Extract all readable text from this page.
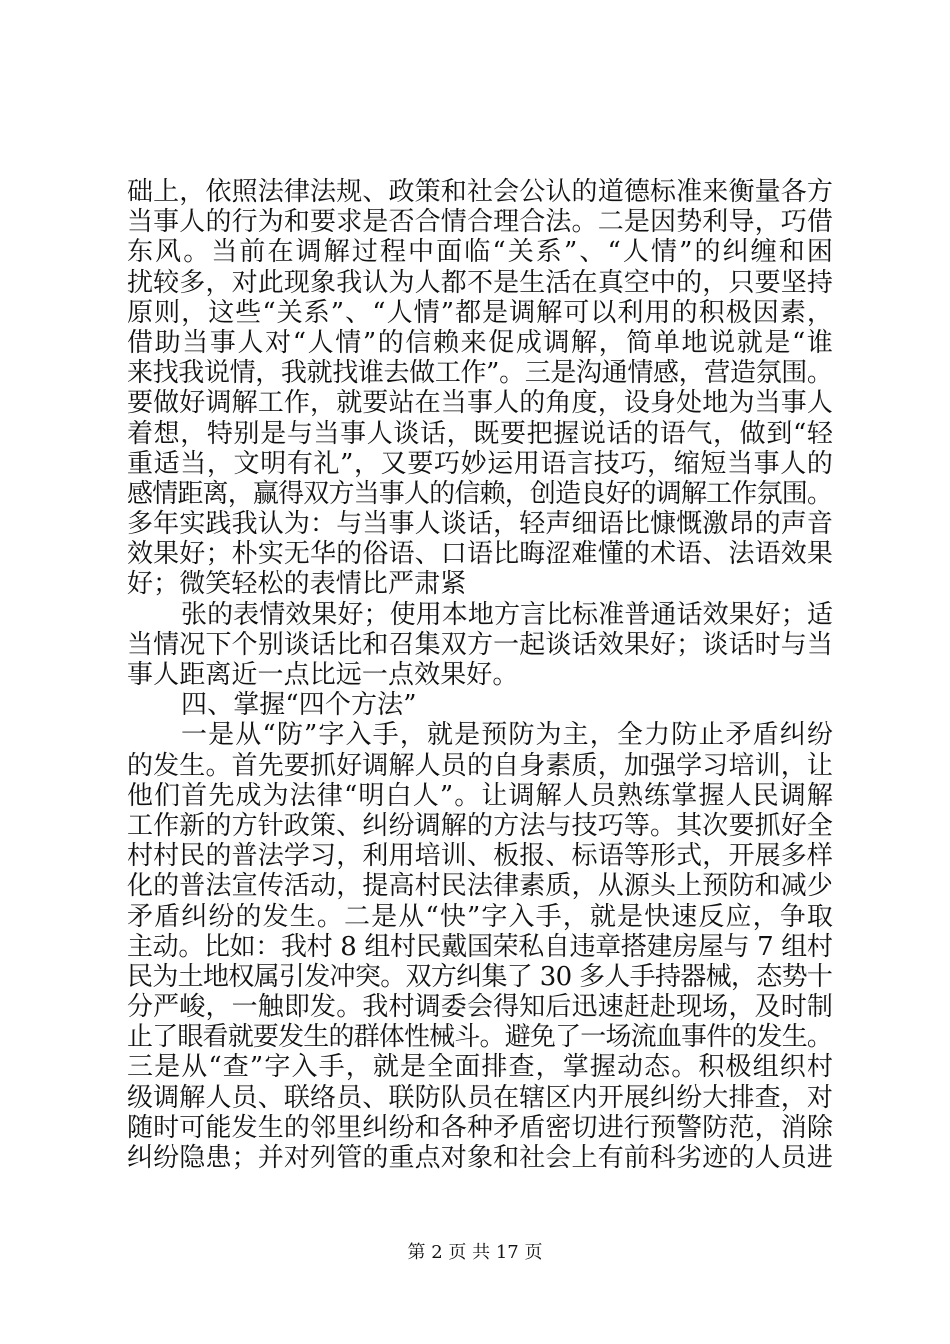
础上，依照法律法规、政策和社会公认的道德标准来衡量各方
当事人的行为和要求是否合情合理合法。二是因势利导，巧借
东风。当前在调解过程中面临“关系”、“人情”的纠缠和困
扰较多，对此现象我认为人都不是生活在真空中的，只要坚持
原则，这些“关系”、“人情”都是调解可以利用的积极因素，
借助当事人对“人情”的信赖来促成调解，简单地说就是“谁
来找我说情，我就找谁去做工作”。三是沟通情感，营造氛围。
要做好调解工作，就要站在当事人的角度，设身处地为当事人
着想，特别是与当事人谈话，既要把握说话的语气，做到“轻
重适当，文明有礼”，又要巧妙运用语言技巧，缩短当事人的
感情距离，赢得双方当事人的信赖，创造良好的调解工作氛围。
多年实践我认为：与当事人谈话，轻声细语比慷慨激昂的声音
效果好；朴实无华的俗语、口语比晦涩难懂的术语、法语效果
好；微笑轻松的表情比严肃紧
张的表情效果好；使用本地方言比标准普通话效果好；适
当情况下个别谈话比和召集双方一起谈话效果好；谈话时与当
事人距离近一点比远一点效果好。
四、掌握“四个方法”
一是从“防”字入手，就是预防为主，全力防止矛盾纠纷
的发生。首先要抓好调解人员的自身素质，加强学习培训，让
他们首先成为法律“明白人”。让调解人员熟练掌握人民调解
工作新的方针政策、纠纷调解的方法与技巧等。其次要抓好全
村村民的普法学习，利用培训、板报、标语等形式，开展多样
化的普法宣传活动，提高村民法律素质，从源头上预防和减少
矛盾纠纷的发生。二是从“快”字入手，就是快速反应，争取
主动。比如：我村 8 组村民戴国荣私自违章搭建房屋与 7 组村
民为土地权属引发冲突。双方纠集了 30 多人手持器械，态势十
分严峻，一触即发。我村调委会得知后迅速赶赴现场，及时制
止了眼看就要发生的群体性械斗。避免了一场流血事件的发生。
三是从“查”字入手，就是全面排查，掌握动态。积极组织村
级调解人员、联络员、联防队员在辖区内开展纠纷大排查，对
随时可能发生的邻里纠纷和各种矛盾密切进行预警防范，消除
纠纷隐患；并对列管的重点对象和社会上有前科劣迹的人员进
第 2 页 共 17 页
